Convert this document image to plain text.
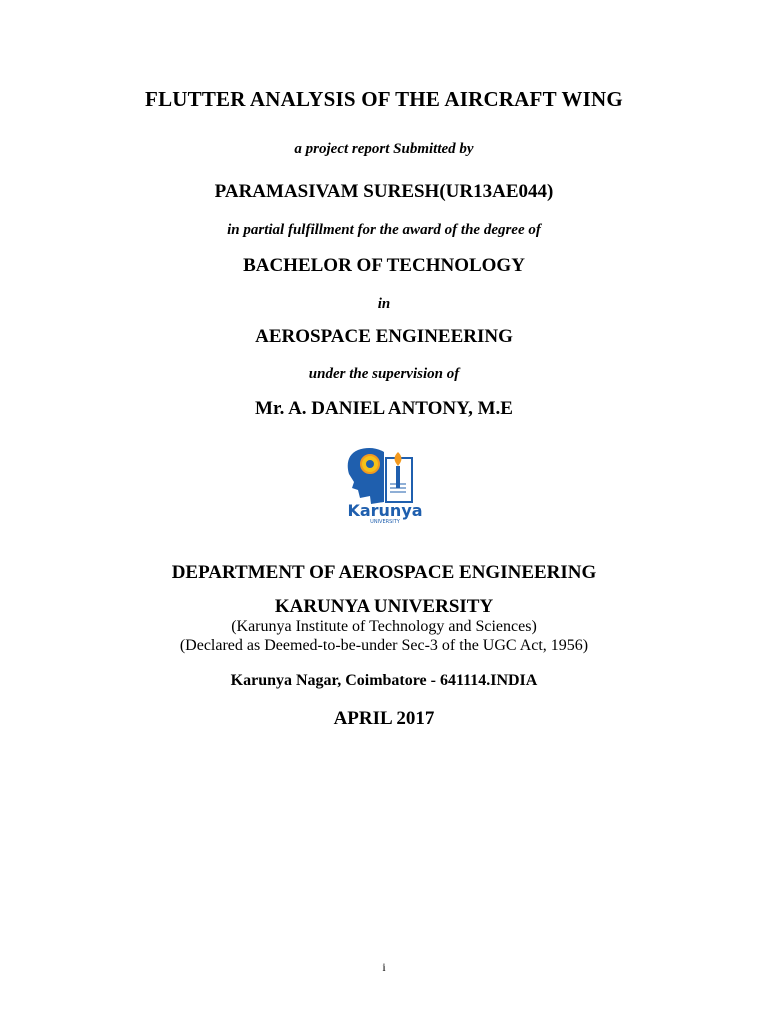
FLUTTER ANALYSIS OF THE AIRCRAFT WING
a project report Submitted by
PARAMASIVAM SURESH(UR13AE044)
in partial fulfillment for the award of the degree of
BACHELOR OF TECHNOLOGY
in
AEROSPACE ENGINEERING
under the supervision of
Mr. A. DANIEL ANTONY, M.E
Karunya
UNIVERSITY
DEPARTMENT OF AEROSPACE ENGINEERING
KARUNYA UNIVERSITY
(Karunya Institute of Technology and Sciences)
(Declared as Deemed-to-be-under Sec-3 of the UGC Act, 1956)
Karunya Nagar, Coimbatore - 641114.INDIA
APRIL 2017
i
